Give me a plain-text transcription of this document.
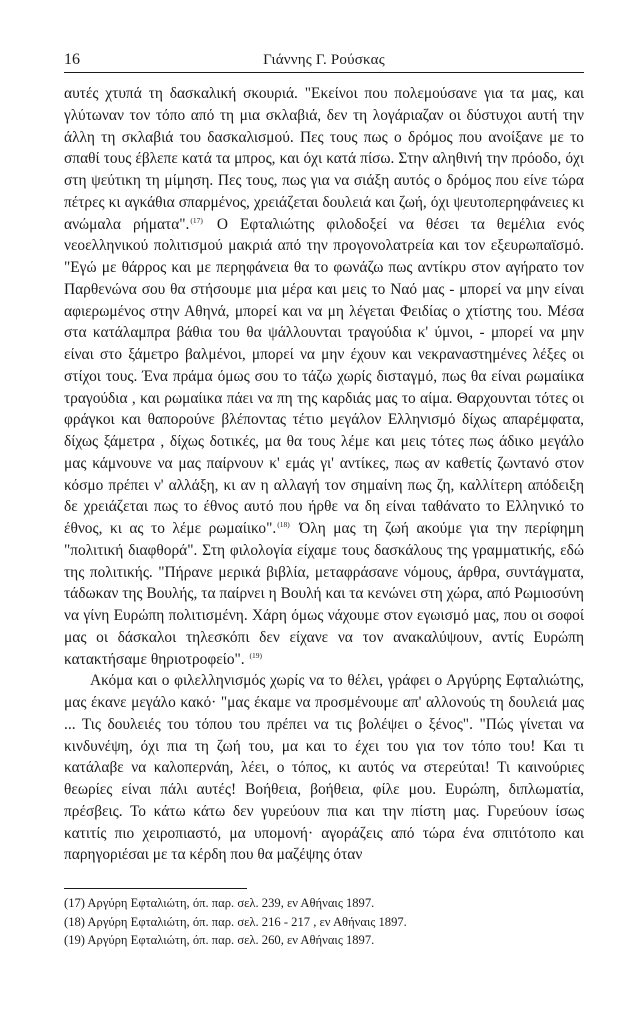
16	Γιάννης Γ. Ρούσκας

αυτές χτυπά τη δασκαλική σκουριά. "Εκείνοι που πολεμούσανε για τα μας, και γλύτωναν τον τόπο από τη μια σκλαβιά, δεν τη λογάριαζαν οι δύστυχοι αυτή την άλλη τη σκλαβιά του δασκαλισμού. Πες τους πως ο δρόμος που ανοίξανε με το σπαθί τους έβλεπε κατά τα μπρος, και όχι κατά πίσω. Στην αληθινή την πρόοδο, όχι στη ψεύτικη τη μίμηση. Πες τους, πως για να σιάξη αυτός ο δρόμος που είνε τώρα πέτρες κι αγκάθια σπαρμένος, χρειάζεται δουλειά και ζωή, όχι ψευτοπερηφάνειες κι ανώμαλα ρήματα".$^{(17)}$ Ο Εφταλιώτης φιλοδοξεί να θέσει τα θεμέλια ενός νεοελληνικού πολιτισμού μακριά από την προγονολατρεία και τον εξευρωπαϊσμό. "Εγώ με θάρρος και με περηφάνεια θα το φωνάζω πως αντίκρυ στον αγήρατο τον Παρθενώνα σου θα στήσουμε μια μέρα και μεις το Ναό μας - μπορεί να μην είναι αφιερωμένος στην Αθηνά, μπορεί και να μη λέγεται Φειδίας ο χτίστης του. Μέσα στα κατάλαμπρα βάθια του θα ψάλλουνται τραγούδια κ' ύμνοι, - μπορεί να μην είναι στο ξάμετρο βαλμένοι, μπορεί να μην έχουν και νεκραναστημένες λέξες οι στίχοι τους. Ένα πράμα όμως σου το τάζω χωρίς δισταγμό, πως θα είναι ρωμαίικα τραγούδια , και ρωμαίικα πάει να πη της καρδιάς μας το αίμα. Θαρχουνται τότες οι φράγκοι και θαπορούνε βλέποντας τέτιο μεγάλον Ελληνισμό δίχως απαρέμφατα, δίχως ξάμετρα , δίχως δοτικές, μα θα τους λέμε και μεις τότες πως άδικο μεγάλο μας κάμνουνε να μας παίρνουν κ' εμάς γι' αντίκες, πως αν καθετίς ζωντανό στον κόσμο πρέπει ν' αλλάξη, κι αν η αλλαγή τον σημαίνη πως ζη, καλλίτερη απόδειξη δε χρειάζεται πως το έθνος αυτό που ήρθε να δη είναι ταθάνατο το Ελληνικό το έθνος, κι ας το λέμε ρωμαίικο".$^{(18)}$ Όλη μας τη ζωή ακούμε για την περίφημη "πολιτική διαφθορά". Στη φιλολογία είχαμε τους δασκάλους της γραμματικής, εδώ της πολιτικής. "Πήρανε μερικά βιβλία, μεταφράσανε νόμους, άρθρα, συντάγματα, τάδωκαν της Βουλής, τα παίρνει η Βουλή και τα κενώνει στη χώρα, από Ρωμιοσύνη να γίνη Ευρώπη πολιτισμένη. Χάρη όμως νάχουμε στον εγωισμό μας, που οι σοφοί μας οι δάσκαλοι τηλεσκόπι δεν είχανε να τον ανακαλύψουν, αντίς Ευρώπη κατακτήσαμε θηριοτροφείο". $^{(19)}$

Ακόμα και ο φιλελληνισμός χωρίς να το θέλει, γράφει ο Αργύρης Εφταλιώτης, μας έκανε μεγάλο κακό· "μας έκαμε να προσμένουμε απ' αλλονούς τη δουλειά μας ... Τις δουλειές του τόπου του πρέπει να τις βολέψει ο ξένος". "Πώς γίνεται να κινδυνέψη, όχι πια τη ζωή του, μα και το έχει του για τον τόπο του! Και τι κατάλαβε να καλοπερνάη, λέει, ο τόπος, κι αυτός να στερεύται! Τι καινούριες θεωρίες είναι πάλι αυτές! Βοήθεια, βοήθεια, φίλε μου. Ευρώπη, διπλωματία, πρέσβεις. Το κάτω κάτω δεν γυρεύουν πια και την πίστη μας. Γυρεύουν ίσως κατιτίς πιο χειροπιαστό, μα υπομονή· αγοράζεις από τώρα ένα σπιτότοπο και παρηγοριέσαι με τα κέρδη που θα μαζέψης όταν

(17) Αργύρη Εφταλιώτη, όπ. παρ. σελ. 239, εν Αθήναις 1897.
(18) Αργύρη Εφταλιώτη, όπ. παρ. σελ. 216 - 217 , εν Αθήναις 1897.
(19) Αργύρη Εφταλιώτη, όπ. παρ. σελ. 260, εν Αθήναις 1897.
